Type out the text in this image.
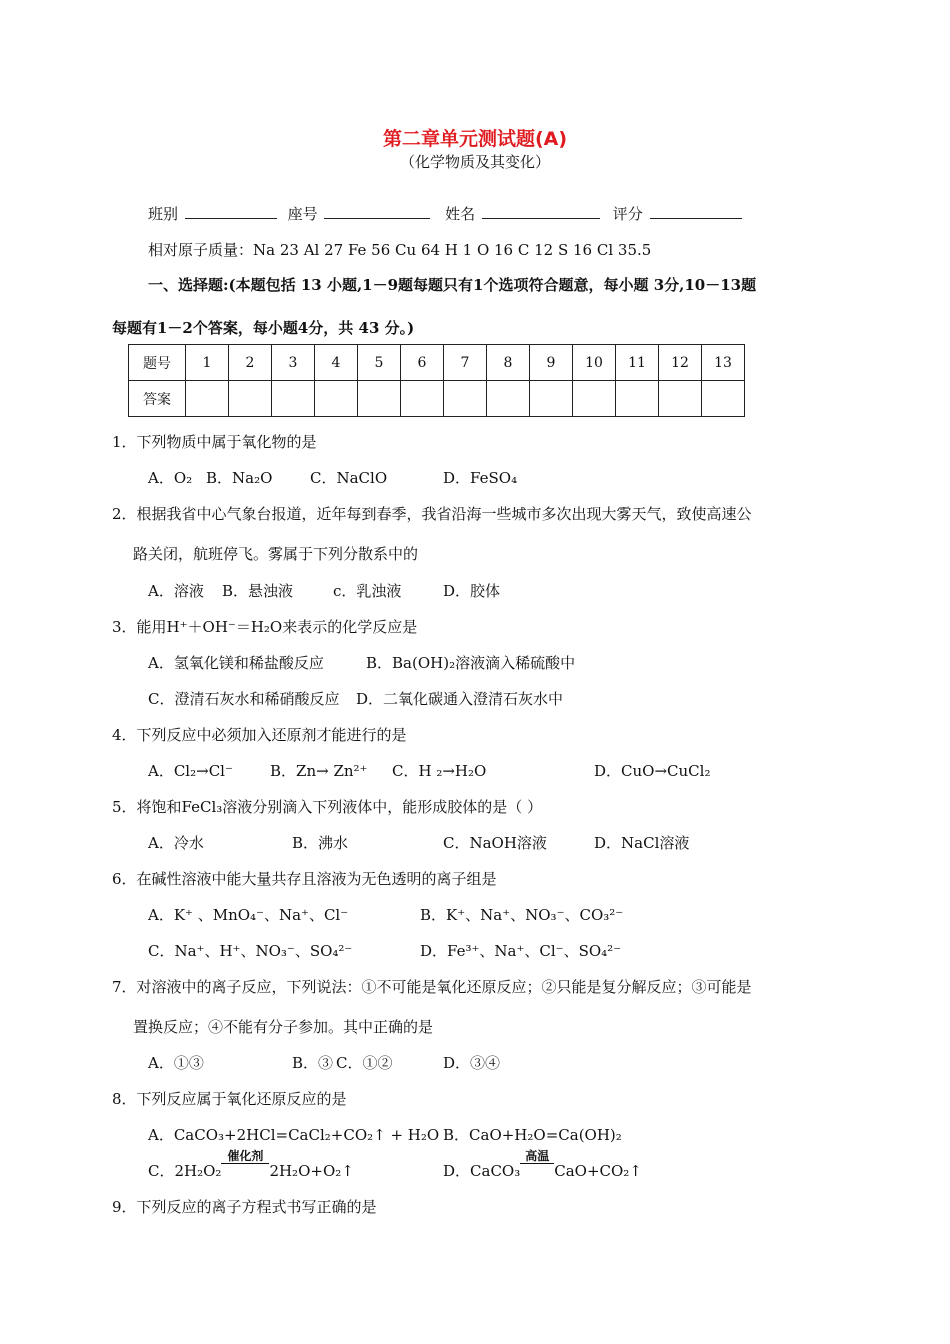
第二章单元测试题(A)
（化学物质及其变化）
班别	座号	姓名	评分
相对原子质量：Na 23 Al 27 Fe 56 Cu 64 H 1 O 16 C 12 S 16 Cl 35.5
一、选择题:(本题包括 13 小题,1－9题每题只有1个选项符合题意，每小题 3分,10－13题
每题有1－2个答案，每小题4分，共 43 分。)
题号	1	2	3	4	5	6	7	8	9	10	11	12	13
答案													
1．下列物质中属于氧化物的是
A．O₂ B．Na₂O	C．NaClO	D．FeSO₄
2．根据我省中心气象台报道，近年每到春季，我省沿海一些城市多次出现大雾天气，致使高速公
路关闭，航班停飞。雾属于下列分散系中的
A．溶液 B．悬浊液	c．乳浊液	D．胶体
3．能用H⁺＋OH⁻＝H₂O来表示的化学反应是
A．氢氧化镁和稀盐酸反应	B．Ba(OH)₂溶液滴入稀硫酸中
C．澄清石灰水和稀硝酸反应 D．二氧化碳通入澄清石灰水中
4．下列反应中必须加入还原剂才能进行的是
A．Cl₂→Cl⁻ B．Zn→ Zn²⁺ C．H ₂→H₂O	D．CuO→CuCl₂
5．将饱和FeCl₃溶液分别滴入下列液体中，能形成胶体的是（ ）
A．冷水	B．沸水	C．NaOH溶液	D．NaCl溶液
6．在碱性溶液中能大量共存且溶液为无色透明的离子组是
A．K⁺ 、MnO₄⁻、Na⁺、Cl⁻	B．K⁺、Na⁺、NO₃⁻、CO₃²⁻
C．Na⁺、H⁺、NO₃⁻、SO₄²⁻	D．Fe³⁺、Na⁺、Cl⁻、SO₄²⁻
7．对溶液中的离子反应，下列说法：①不可能是氧化还原反应；②只能是复分解反应；③可能是
置换反应；④不能有分子参加。其中正确的是
A．①③	B．③ C．①②	D．③④
8．下列反应属于氧化还原反应的是
A．CaCO₃+2HCl=CaCl₂+CO₂↑ + H₂O B．CaO+H₂O=Ca(OH)₂
C．2H₂O₂
催化剂
2H₂O+O₂↑	D．CaCO₃
高温
CaO+CO₂↑
9．下列反应的离子方程式书写正确的是
